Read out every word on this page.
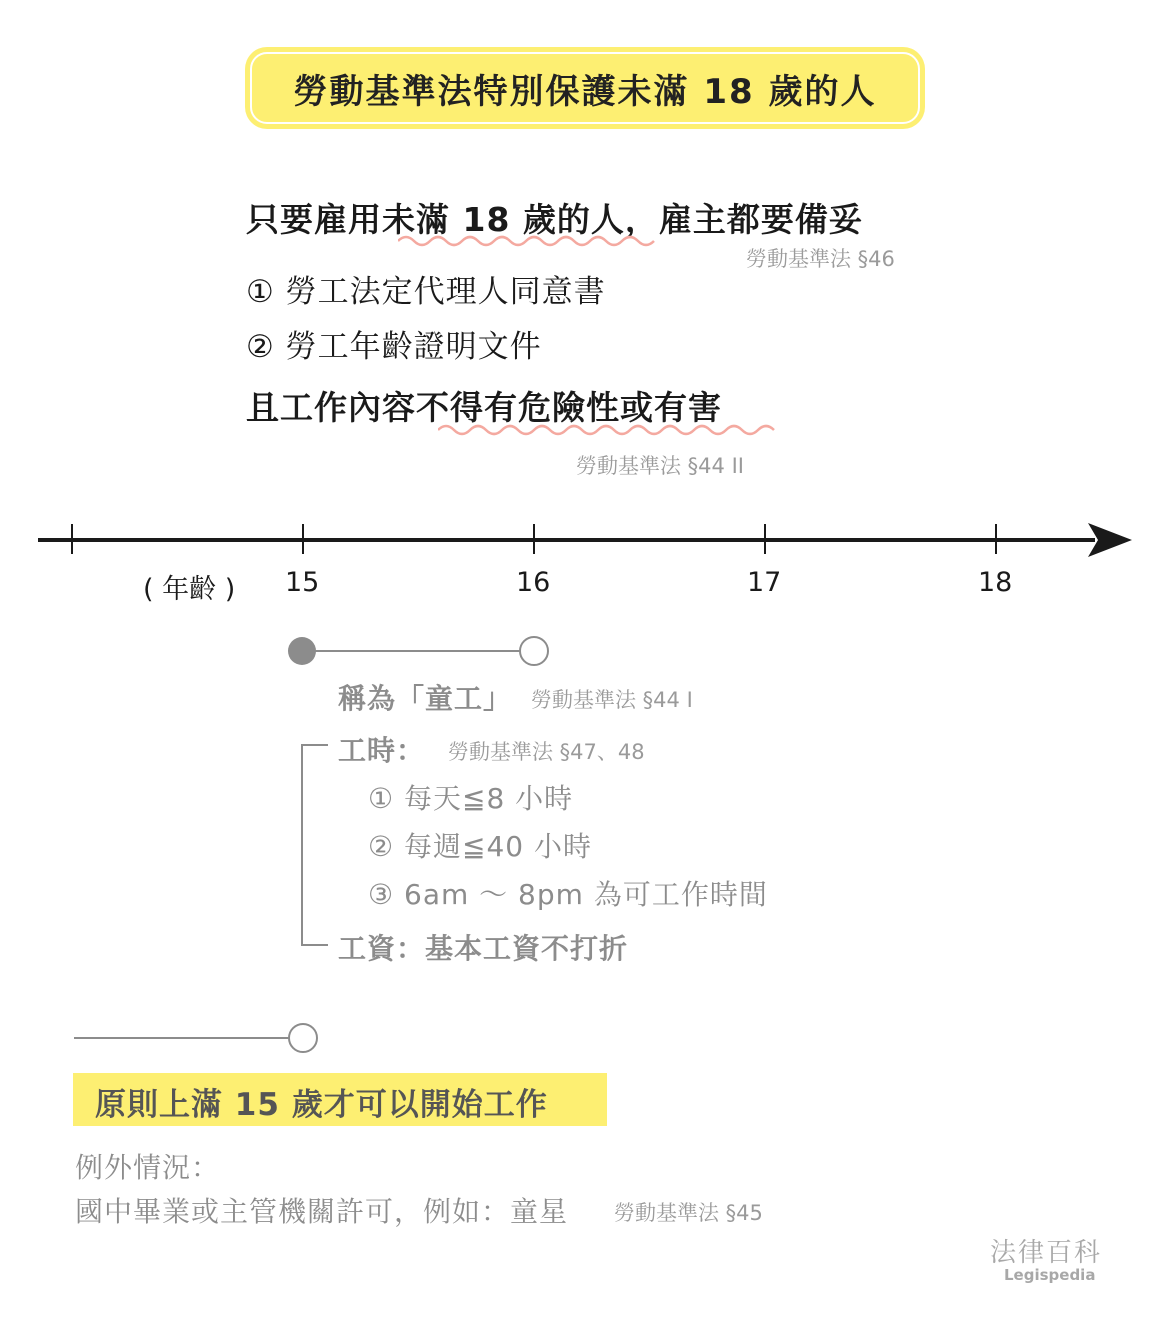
勞動基準法特別保護未滿 18 歲的人
只要雇用未滿 18 歲的人，雇主都要備妥
勞動基準法 §46
① 勞工法定代理人同意書
② 勞工年齡證明文件
且工作內容不得有危險性或有害
勞動基準法 §44 II
( 年齡 ) 15	16	17	18
稱為「童工」 勞動基準法 §44 I
工時： 勞動基準法 §47、48
① 每天≦8 小時
② 每週≦40 小時
③ 6am ～ 8pm 為可工作時間
工資：基本工資不打折
原則上滿 15 歲才可以開始工作
例外情況：
國中畢業或主管機關許可，例如：童星 勞動基準法 §45
法律百科
Legispedia
